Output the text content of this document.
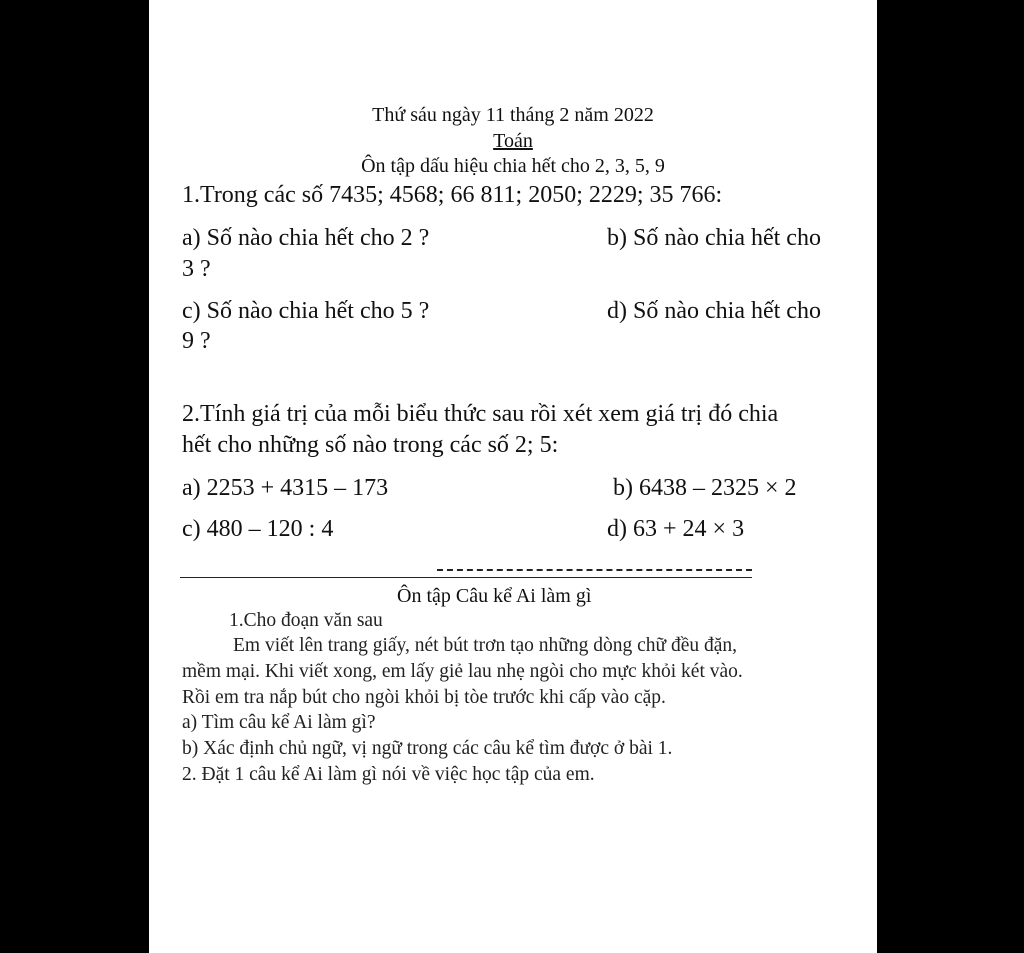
Thứ sáu ngày 11 tháng 2 năm 2022
Toán
Ôn tập dấu hiệu chia hết cho 2, 3, 5, 9
1.Trong các số 7435; 4568; 66 811; 2050; 2229; 35 766:
a) Số nào chia hết cho 2 ?	b) Số nào chia hết cho
3 ?
c) Số nào chia hết cho 5 ?	d) Số nào chia hết cho
9 ?
2.Tính giá trị của mỗi biểu thức sau rồi xét xem giá trị đó chia
hết cho những số nào trong các số 2; 5:
a) 2253 + 4315 – 173	b) 6438 – 2325 × 2
c) 480 – 120 : 4	d) 63 + 24 × 3
Ôn tập Câu kể Ai làm gì
1.Cho đoạn văn sau
Em viết lên trang giấy, nét bút trơn tạo những dòng chữ đều đặn,
mềm mại. Khi viết xong, em lấy giẻ lau nhẹ ngòi cho mực khỏi két vào.
Rồi em tra nắp bút cho ngòi khỏi bị tòe trước khi cấp vào cặp.
a) Tìm câu kể Ai làm gì?
b) Xác định chủ ngữ, vị ngữ trong các câu kể tìm được ở bài 1.
2. Đặt 1 câu kể Ai làm gì nói về việc học tập của em.
